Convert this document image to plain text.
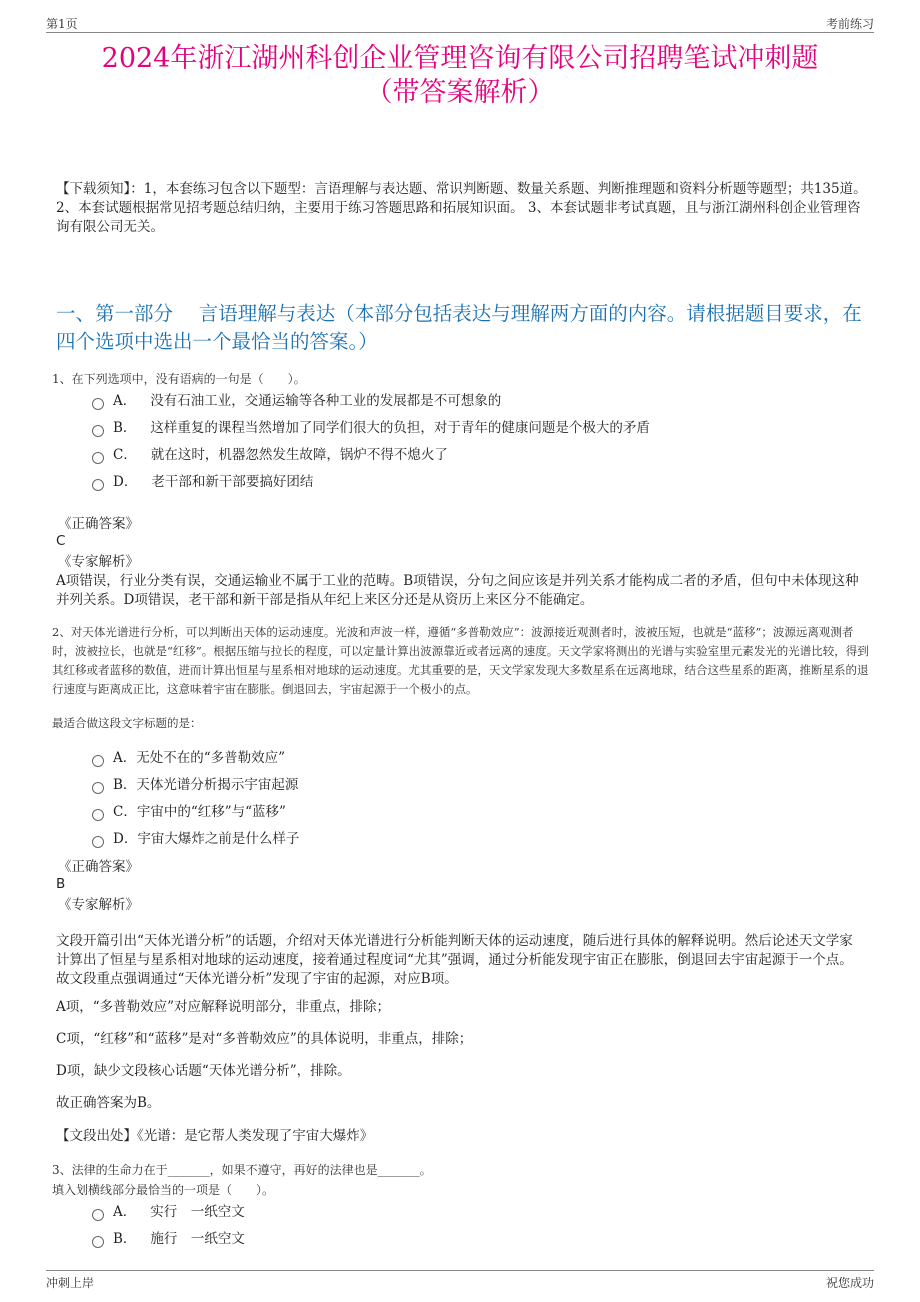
第1页	考前练习
2024年浙江湖州科创企业管理咨询有限公司招聘笔试冲刺题
（带答案解析）
【下载须知】：1，本套练习包含以下题型：言语理解与表达题、常识判断题、数量关系题、判断推理题和资料分析题等题型；共135道。 2、本套试题根据常见招考题总结归纳，主要用于练习答题思路和拓展知识面。 3、本套试题非考试真题，且与浙江湖州科创企业管理咨询有限公司无关。
一、第一部分　 言语理解与表达（本部分包括表达与理解两方面的内容。请根据题目要求，在四个选项中选出一个最恰当的答案。）
1、在下列选项中，没有语病的一句是（　　）。
A． 没有石油工业，交通运输等各种工业的发展都是不可想象的
B． 这样重复的课程当然增加了同学们很大的负担，对于青年的健康问题是个极大的矛盾
C． 就在这时，机器忽然发生故障，锅炉不得不熄火了
D． 老干部和新干部要搞好团结
《正确答案》
C
《专家解析》
A项错误，行业分类有误，交通运输业不属于工业的范畴。B项错误，分句之间应该是并列关系才能构成二者的矛盾，但句中未体现这种并列关系。D项错误，老干部和新干部是指从年纪上来区分还是从资历上来区分不能确定。
2、对天体光谱进行分析，可以判断出天体的运动速度。光波和声波一样，遵循“多普勒效应”：波源接近观测者时，波被压短，也就是“蓝移”；波源远离观测者时，波被拉长，也就是“红移”。根据压缩与拉长的程度，可以定量计算出波源靠近或者远离的速度。天文学家将测出的光谱与实验室里元素发光的光谱比较，得到其红移或者蓝移的数值，进而计算出恒星与星系相对地球的运动速度。尤其重要的是，天文学家发现大多数星系在远离地球，结合这些星系的距离，推断星系的退行速度与距离成正比，这意味着宇宙在膨胀。倒退回去，宇宙起源于一个极小的点。
最适合做这段文字标题的是：
A．无处不在的“多普勒效应”
B．天体光谱分析揭示宇宙起源
C．宇宙中的“红移”与“蓝移”
D．宇宙大爆炸之前是什么样子
《正确答案》
B
《专家解析》
文段开篇引出“天体光谱分析”的话题，介绍对天体光谱进行分析能判断天体的运动速度，随后进行具体的解释说明。然后论述天文学家计算出了恒星与星系相对地球的运动速度，接着通过程度词“尤其”强调，通过分析能发现宇宙正在膨胀，倒退回去宇宙起源于一个点。故文段重点强调通过“天体光谱分析”发现了宇宙的起源，对应B项。
A项，“多普勒效应”对应解释说明部分，非重点，排除；
C项，“红移”和“蓝移”是对“多普勒效应”的具体说明，非重点，排除；
D项，缺少文段核心话题“天体光谱分析”，排除。
故正确答案为B。
【文段出处】《光谱：是它帮人类发现了宇宙大爆炸》
3、法律的生命力在于_______，如果不遵守，再好的法律也是_______。
填入划横线部分最恰当的一项是（　　）。
A． 实行　一纸空文
B． 施行　一纸空文
冲刺上岸	祝您成功
